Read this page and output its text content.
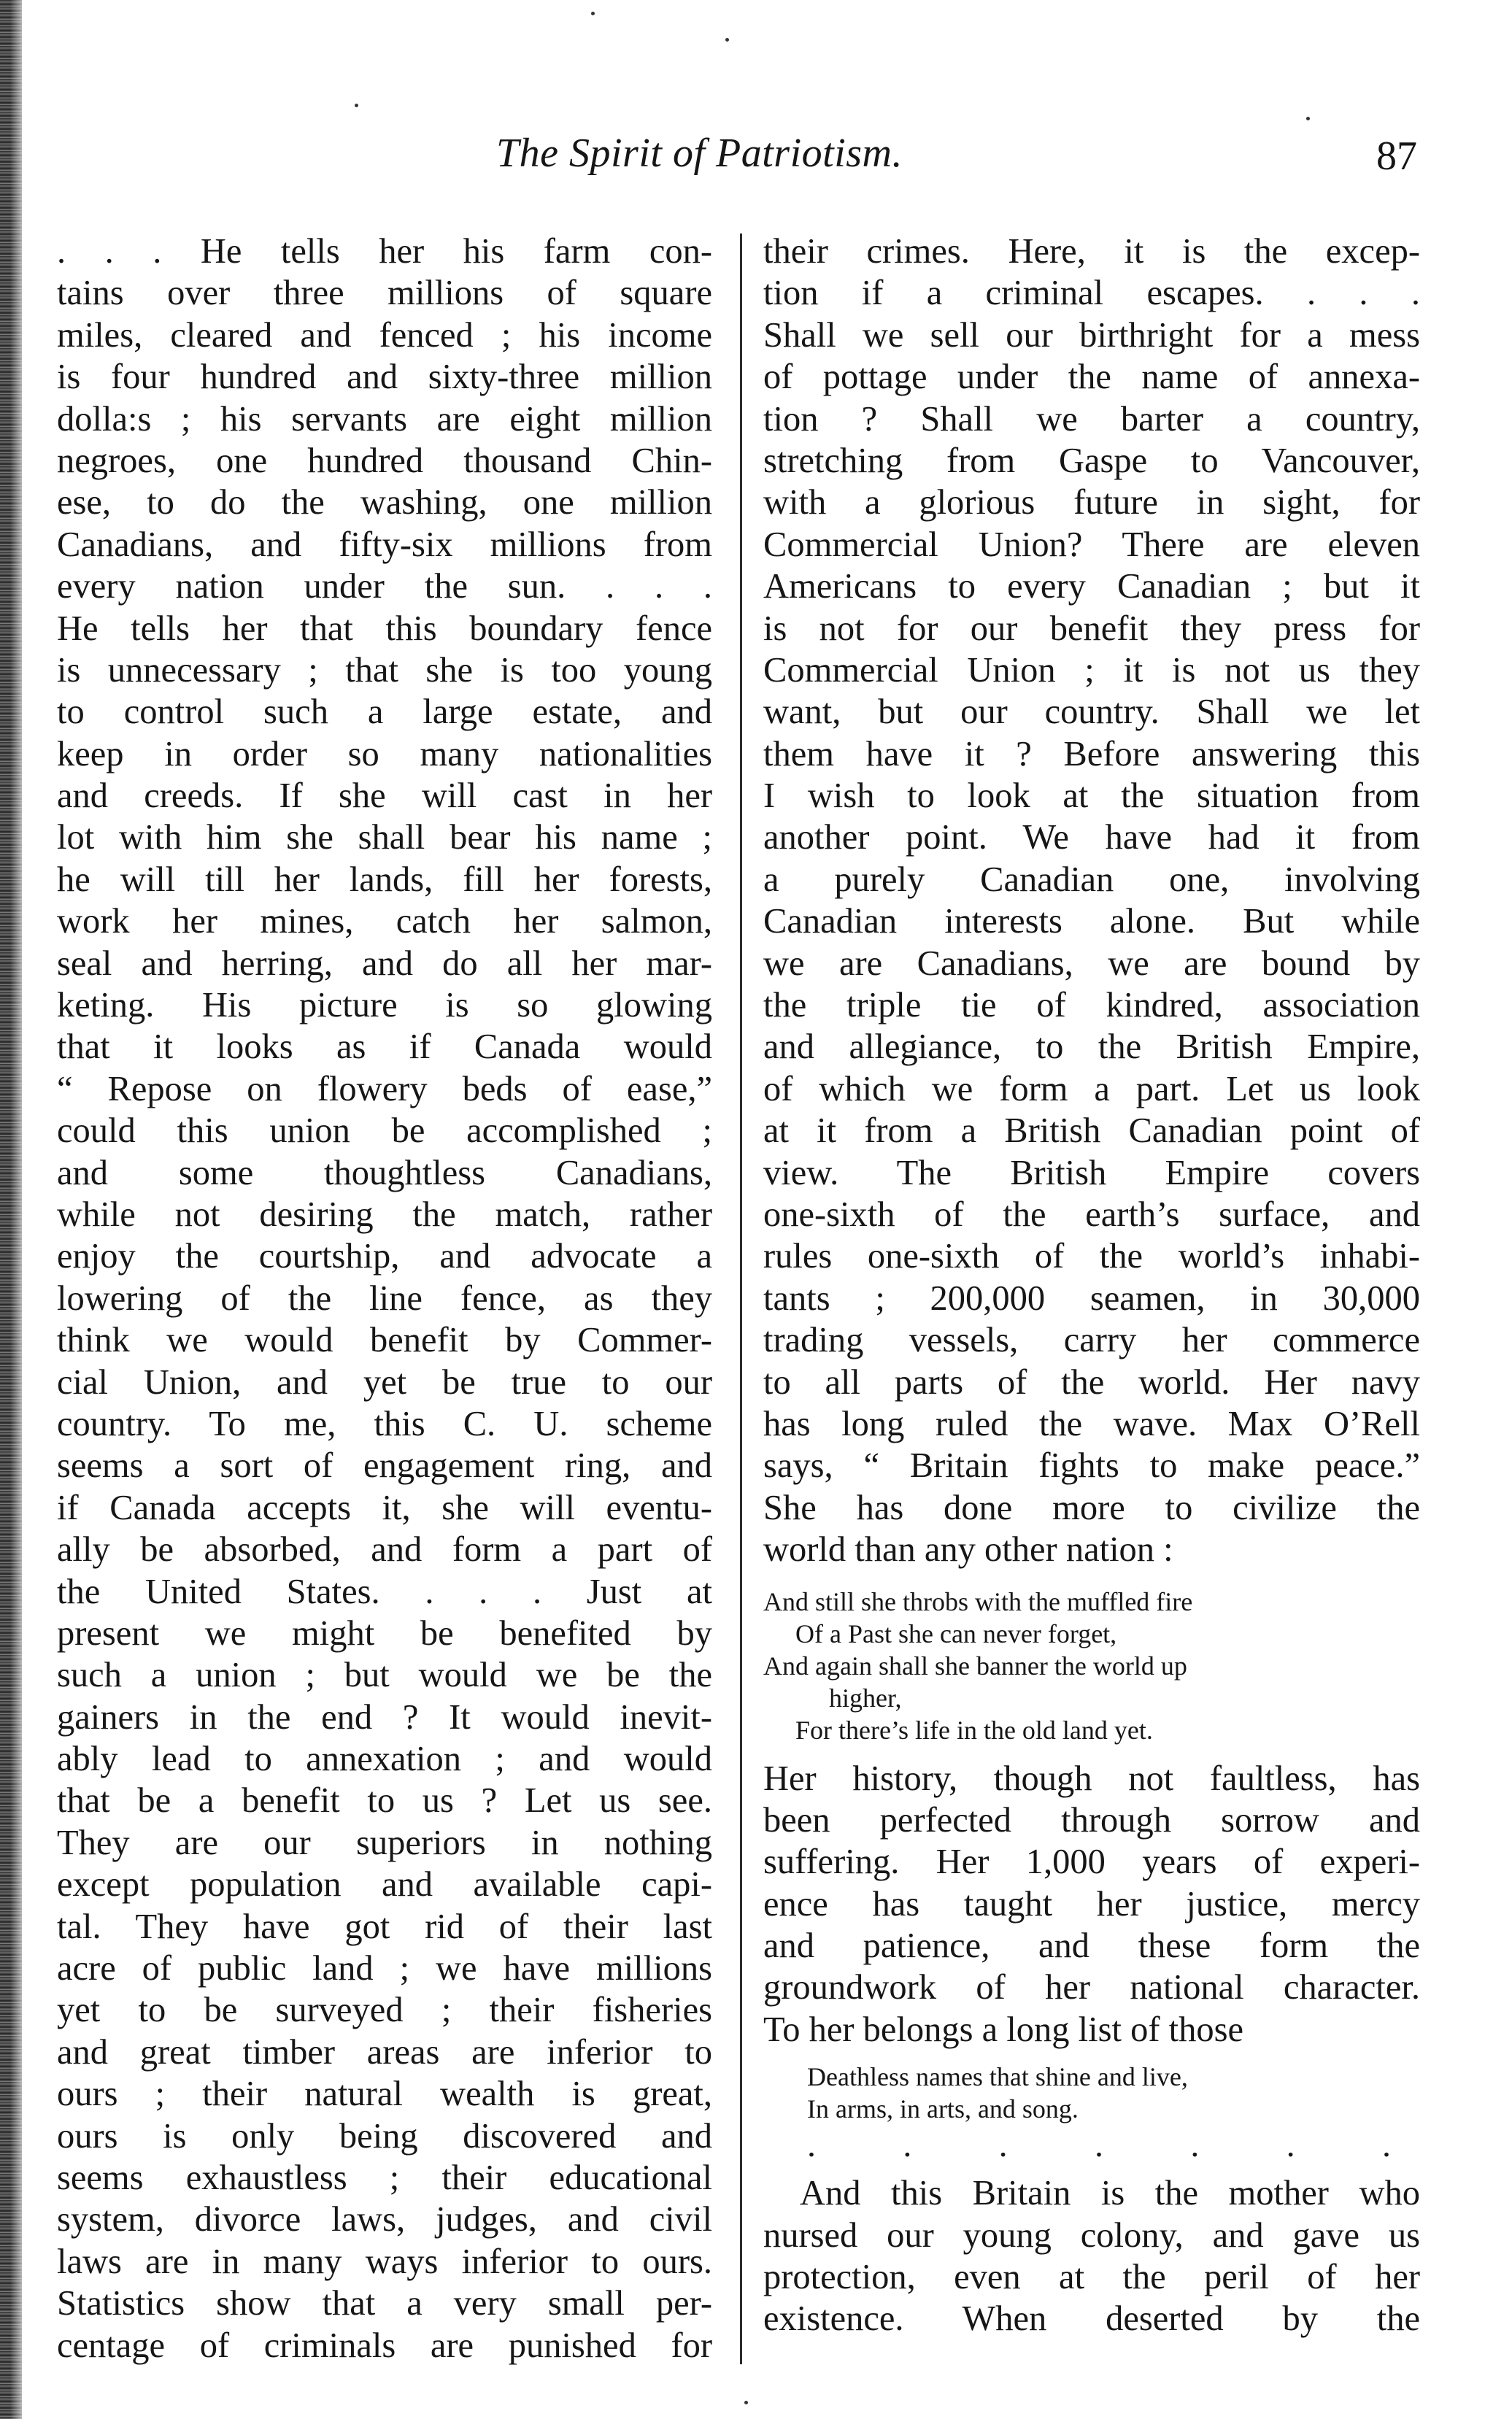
The Spirit of Patriotism.	87
. . . He tells her his farm con-
tains over three millions of square
miles, cleared and fenced ; his income
is four hundred and sixty-three million
dolla:s ; his servants are eight million
negroes, one hundred thousand Chin-
ese, to do the washing, one million
Canadians, and fifty-six millions from
every nation under the sun. . . .
He tells her that this boundary fence
is unnecessary ; that she is too young
to control such a large estate, and
keep in order so many nationalities
and creeds. If she will cast in her
lot with him she shall bear his name ;
he will till her lands, fill her forests,
work her mines, catch her salmon,
seal and herring, and do all her mar-
keting. His picture is so glowing
that it looks as if Canada would
“ Repose on flowery beds of ease,”
could this union be accomplished ;
and some thoughtless Canadians,
while not desiring the match, rather
enjoy the courtship, and advocate a
lowering of the line fence, as they
think we would benefit by Commer-
cial Union, and yet be true to our
country. To me, this C. U. scheme
seems a sort of engagement ring, and
if Canada accepts it, she will eventu-
ally be absorbed, and form a part of
the United States. . . . Just at
present we might be benefited by
such a union ; but would we be the
gainers in the end ? It would inevit-
ably lead to annexation ; and would
that be a benefit to us ? Let us see.
They are our superiors in nothing
except population and available capi-
tal. They have got rid of their last
acre of public land ; we have millions
yet to be surveyed ; their fisheries
and great timber areas are inferior to
ours ; their natural wealth is great,
ours is only being discovered and
seems exhaustless ; their educational
system, divorce laws, judges, and civil
laws are in many ways inferior to ours.
Statistics show that a very small per-
centage of criminals are punished for
their crimes. Here, it is the excep-
tion if a criminal escapes. . . .
Shall we sell our birthright for a mess
of pottage under the name of annexa-
tion ? Shall we barter a country,
stretching from Gaspe to Vancouver,
with a glorious future in sight, for
Commercial Union? There are eleven
Americans to every Canadian ; but it
is not for our benefit they press for
Commercial Union ; it is not us they
want, but our country. Shall we let
them have it ? Before answering this
I wish to look at the situation from
another point. We have had it from
a purely Canadian one, involving
Canadian interests alone. But while
we are Canadians, we are bound by
the triple tie of kindred, association
and allegiance, to the British Empire,
of which we form a part. Let us look
at it from a British Canadian point of
view. The British Empire covers
one-sixth of the earth’s surface, and
rules one-sixth of the world’s inhabi-
tants ; 200,000 seamen, in 30,000
trading vessels, carry her commerce
to all parts of the world. Her navy
has long ruled the wave. Max O’Rell
says, “ Britain fights to make peace.”
She has done more to civilize the
world than any other nation :
And still she throbs with the muffled fire
Of a Past she can never forget,
And again shall she banner the world up
higher,
For there’s life in the old land yet.
Her history, though not faultless, has
been perfected through sorrow and
suffering. Her 1,000 years of experi-
ence has taught her justice, mercy
and patience, and these form the
groundwork of her national character.
To her belongs a long list of those
Deathless names that shine and live,
In arms, in arts, and song.
. . . . . . .
And this Britain is the mother who
nursed our young colony, and gave us
protection, even at the peril of her
existence. When deserted by the
